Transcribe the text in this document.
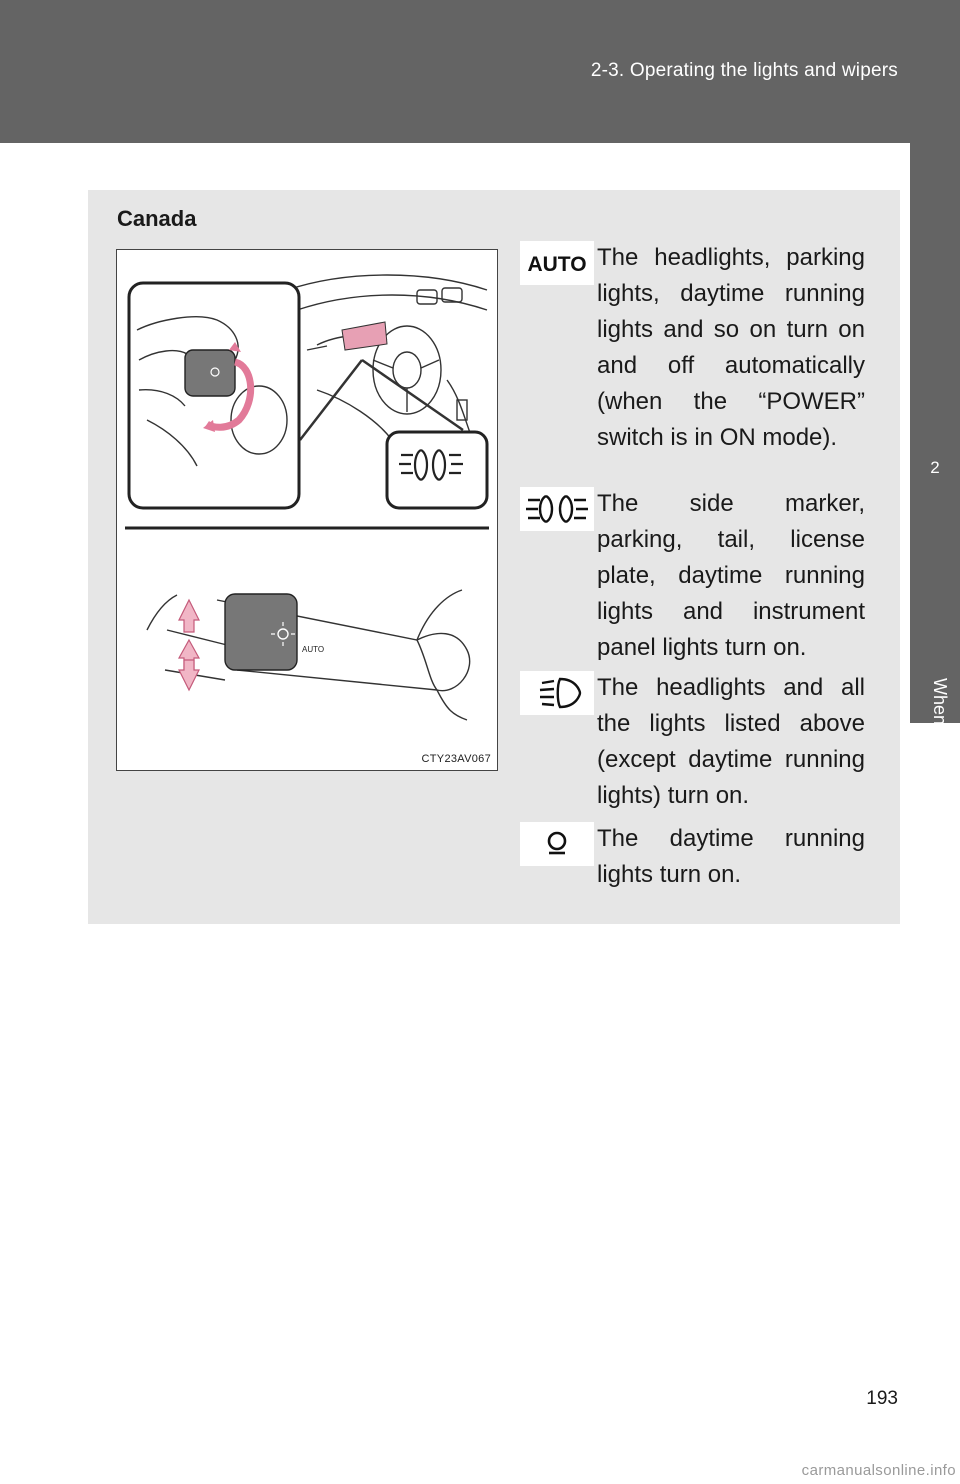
2-3. Operating the lights and wipers
2
When driving
Canada
AUTO
CTY23AV067
AUTO The headlights, parking lights, daytime running lights and so on turn on and off automatically (when the “POWER” switch is in ON mode).
The side marker, parking, tail, license plate, daytime running lights and instrument panel lights turn on.
The headlights and all the lights listed above (except daytime running lights) turn on.
The daytime running lights turn on.
193
carmanualsonline.info
